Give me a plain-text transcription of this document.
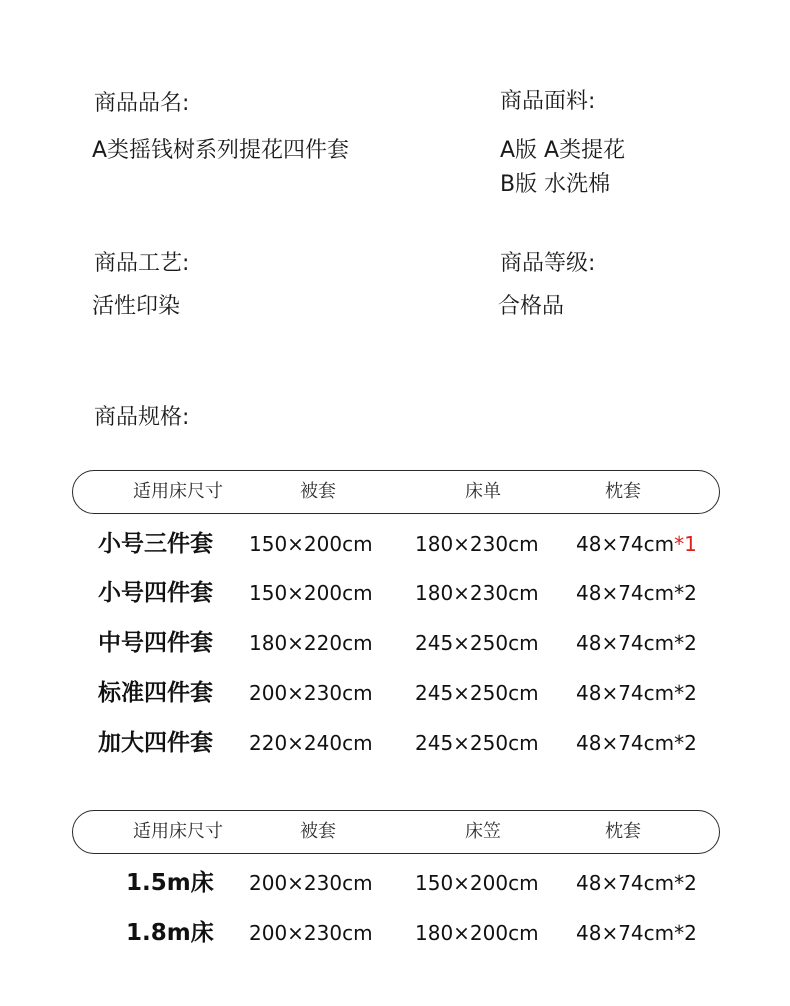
商品品名:
A类摇钱树系列提花四件套
商品面料:
A版 A类提花
B版 水洗棉
商品工艺:
活性印染
商品等级:
合格品
商品规格:
适用床尺寸	被套	床单	枕套
小号三件套 150×200cm 180×230cm 48×74cm*1
小号四件套 150×200cm 180×230cm 48×74cm*2
中号四件套 180×220cm 245×250cm 48×74cm*2
标准四件套 200×230cm 245×250cm 48×74cm*2
加大四件套 220×240cm 245×250cm 48×74cm*2
适用床尺寸	被套	床笠	枕套
1.5m床 200×230cm 150×200cm 48×74cm*2
1.8m床 200×230cm 180×200cm 48×74cm*2
